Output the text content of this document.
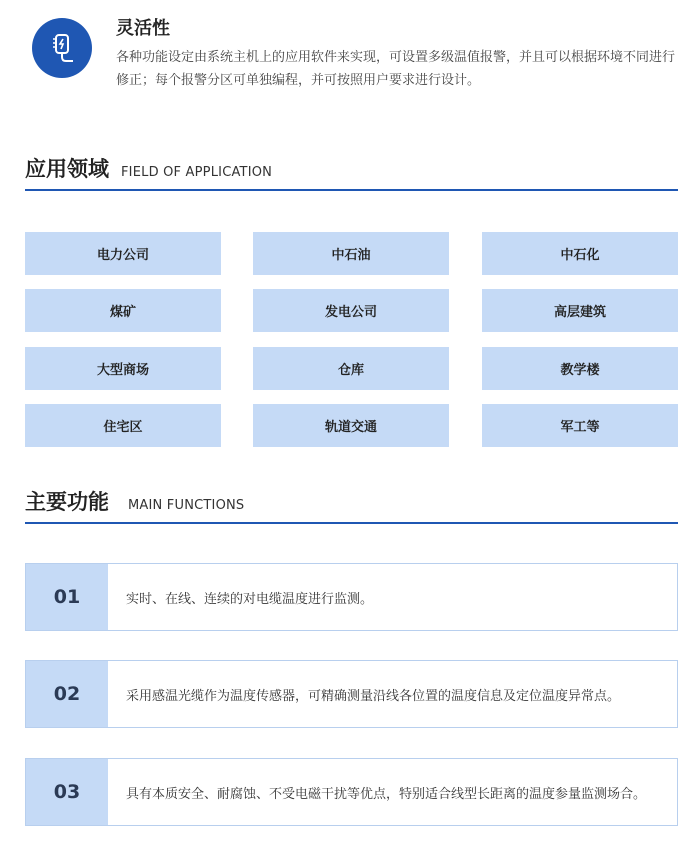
灵活性
各种功能设定由系统主机上的应用软件来实现，可设置多级温值报警，并且可以根据环境不同进行修正；每个报警分区可单独编程，并可按照用户要求进行设计。
应用领域 FIELD OF APPLICATION
电力公司	中石油	中石化
煤矿	发电公司	高层建筑
大型商场	仓库	教学楼
住宅区	轨道交通	军工等
主要功能 MAIN FUNCTIONS
01	实时、在线、连续的对电缆温度进行监测。
02	采用感温光缆作为温度传感器，可精确测量沿线各位置的温度信息及定位温度异常点。
03	具有本质安全、耐腐蚀、不受电磁干扰等优点，特别适合线型长距离的温度参量监测场合。
